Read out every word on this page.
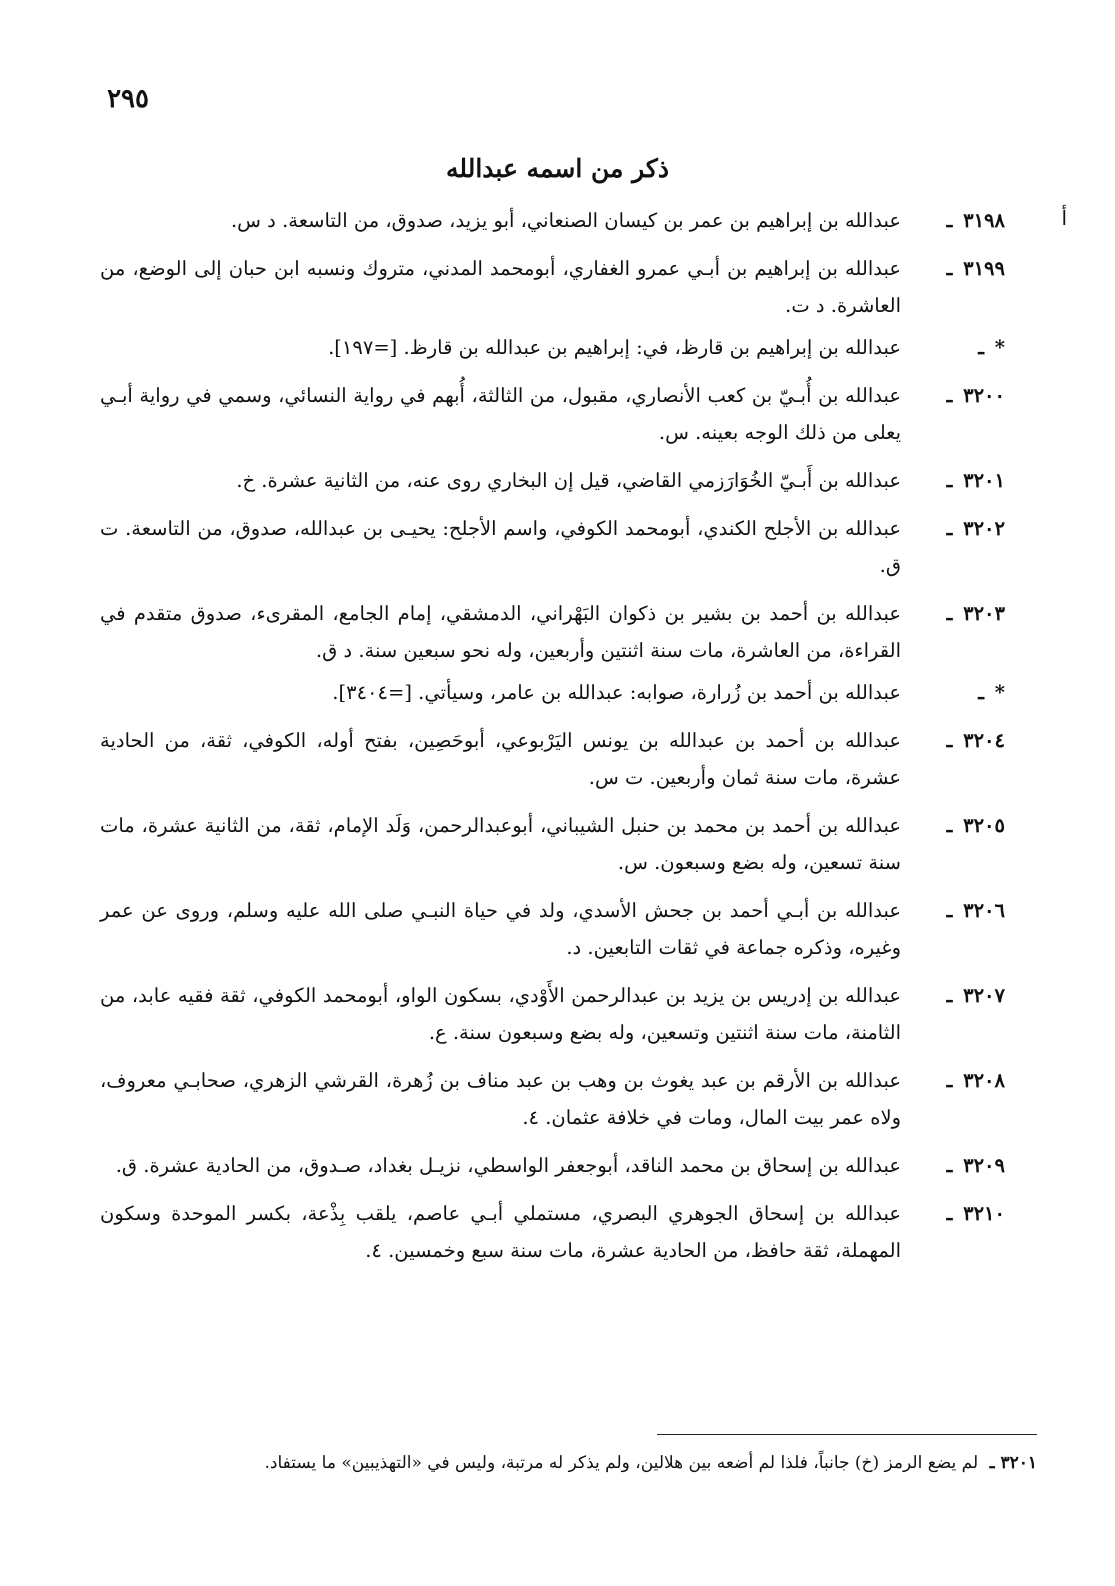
٢٩٥
ذكر من اسمه عبدالله
أ
٣١٩٨ ـ
عبدالله بن إبراهيم بن عمر بن كيسان الصنعاني، أبو يزيد، صدوق، من التاسعة. د س.
٣١٩٩ ـ
عبدالله بن إبراهيم بن أبـي عمرو الغفاري، أبومحمد المدني، متروك ونسبه ابن حبان إلى الوضع، من العاشرة. د ت.
* ـ
عبدالله بن إبراهيم بن قارظ، في: إبراهيم بن عبدالله بن قارظ. [=١٩٧].
٣٢٠٠ ـ
عبدالله بن أُبـيّ بن كعب الأنصاري، مقبول، من الثالثة، أُبهم في رواية النسائي، وسمي في رواية أبـي يعلى من ذلك الوجه بعينه. س.
٣٢٠١ ـ
عبدالله بن أَبـيّ الخُوَارَزمي القاضي، قيل إن البخاري روى عنه، من الثانية عشرة. خ.
٣٢٠٢ ـ
عبدالله بن الأجلح الكندي، أبومحمد الكوفي، واسم الأجلح: يحيـى بن عبدالله، صدوق، من التاسعة. ت ق.
٣٢٠٣ ـ
عبدالله بن أحمد بن بشير بن ذكوان البَهْراني، الدمشقي، إمام الجامع، المقرىء، صدوق متقدم في القراءة، من العاشرة، مات سنة اثنتين وأربعين، وله نحو سبعين سنة. د ق.
* ـ
عبدالله بن أحمد بن زُرارة، صوابه: عبدالله بن عامر، وسيأتي. [=٣٤٠٤].
٣٢٠٤ ـ
عبدالله بن أحمد بن عبدالله بن يونس اليَرْبوعي، أبوحَصِين، بفتح أوله، الكوفي، ثقة، من الحادية عشرة، مات سنة ثمان وأربعين. ت س.
٣٢٠٥ ـ
عبدالله بن أحمد بن محمد بن حنبل الشيباني، أبوعبدالرحمن، وَلَد الإمام، ثقة، من الثانية عشرة، مات سنة تسعين، وله بضع وسبعون. س.
٣٢٠٦ ـ
عبدالله بن أبـي أحمد بن جحش الأسدي، ولد في حياة النبـي صلى الله عليه وسلم، وروى عن عمر وغيره، وذكره جماعة في ثقات التابعين. د.
٣٢٠٧ ـ
عبدالله بن إدريس بن يزيد بن عبدالرحمن الأَوْدي، بسكون الواو، أبومحمد الكوفي، ثقة فقيه عابد، من الثامنة، مات سنة اثنتين وتسعين، وله بضع وسبعون سنة. ع.
٣٢٠٨ ـ
عبدالله بن الأرقم بن عبد يغوث بن وهب بن عبد مناف بن زُهرة، القرشي الزهري، صحابـي معروف، ولاه عمر بيت المال، ومات في خلافة عثمان. ٤.
٣٢٠٩ ـ
عبدالله بن إسحاق بن محمد الناقد، أبوجعفر الواسطي، نزيـل بغداد، صـدوق، من الحادية عشرة. ق.
٣٢١٠ ـ
عبدالله بن إسحاق الجوهري البصري، مستملي أبـي عاصم، يلقب بِذْعة، بكسر الموحدة وسكون المهملة، ثقة حافظ، من الحادية عشرة، مات سنة سبع وخمسين. ٤.
٣٢٠١ ـ لم يضع الرمز (خ) جانباً، فلذا لم أضعه بين هلالين، ولم يذكر له مرتبة، وليس في «التهذيبين» ما يستفاد.
